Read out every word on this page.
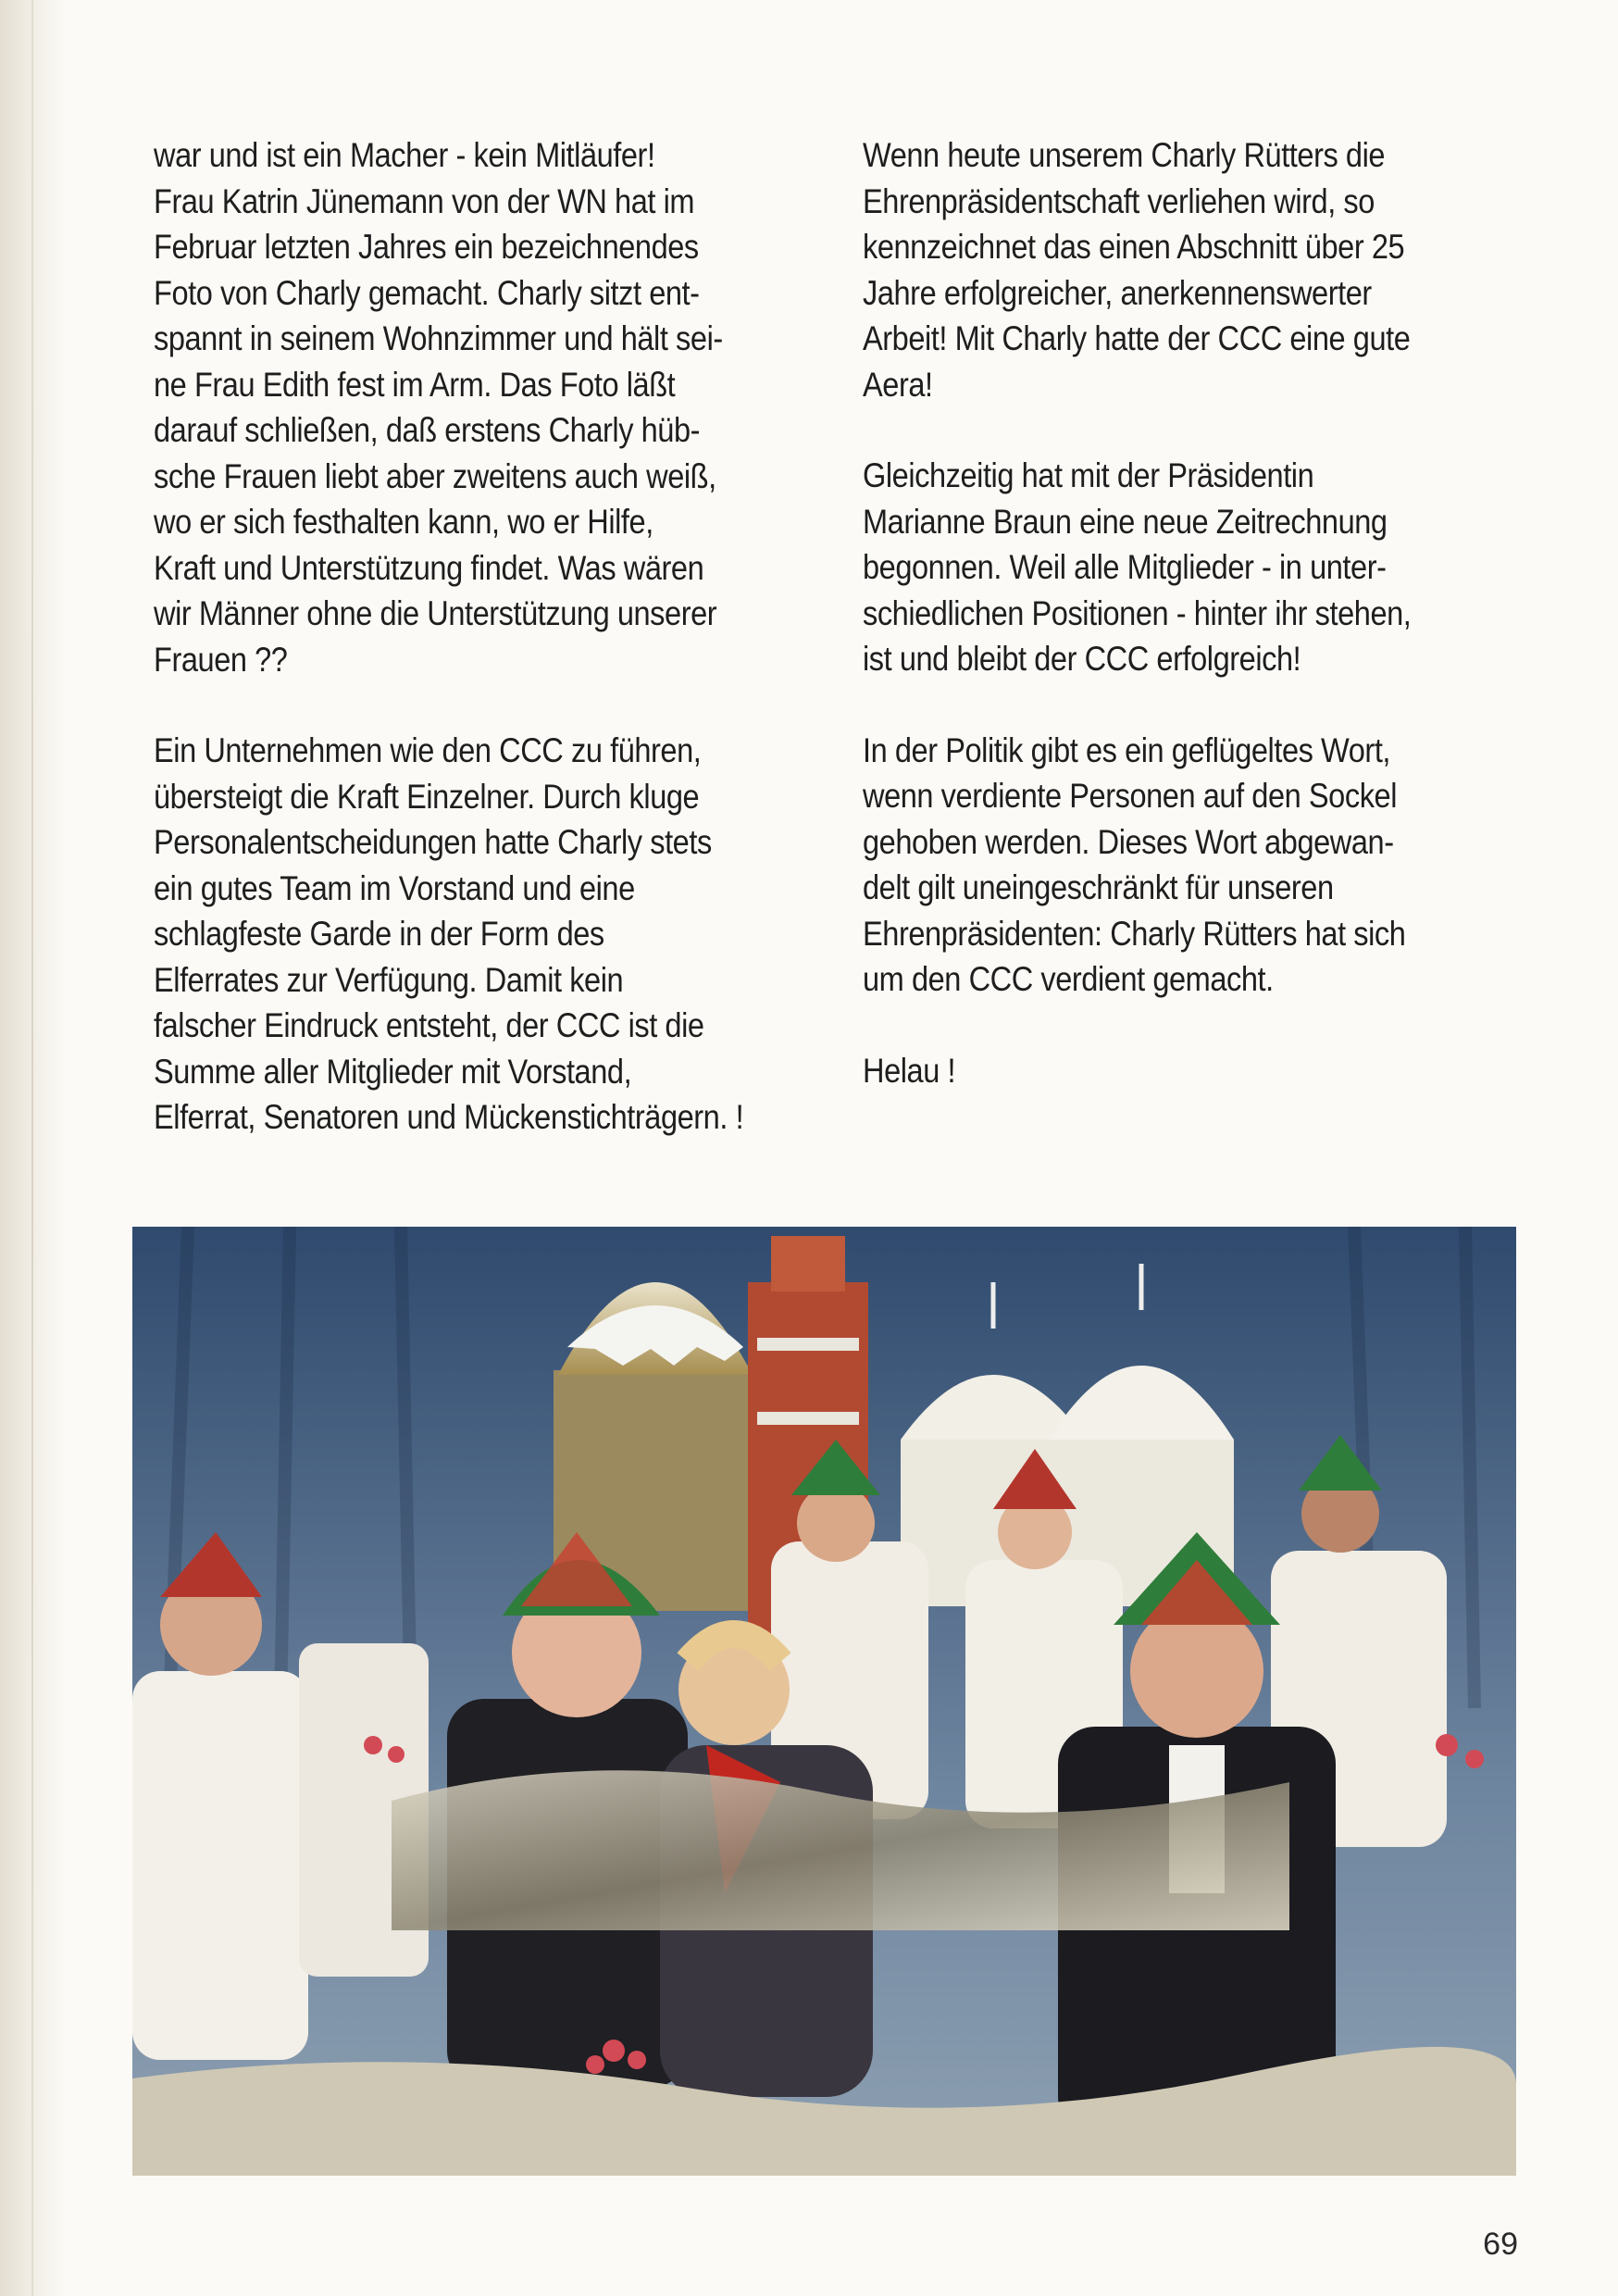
war und ist ein Macher - kein Mitläufer!
Frau Katrin Jünemann von der WN hat im
Februar letzten Jahres ein bezeichnendes
Foto von Charly gemacht. Charly sitzt ent-
spannt in seinem Wohnzimmer und hält sei-
ne Frau Edith fest im Arm. Das Foto läßt
darauf schließen, daß erstens Charly hüb-
sche Frauen liebt aber zweitens auch weiß,
wo er sich festhalten kann, wo er Hilfe,
Kraft und Unterstützung findet. Was wären
wir Männer ohne die Unterstützung unserer
Frauen ??
Ein Unternehmen wie den CCC zu führen,
übersteigt die Kraft Einzelner. Durch kluge
Personalentscheidungen hatte Charly stets
ein gutes Team im Vorstand und eine
schlagfeste Garde in der Form des
Elferrates zur Verfügung. Damit kein
falscher Eindruck entsteht, der CCC ist die
Summe aller Mitglieder mit Vorstand,
Elferrat, Senatoren und Mückenstichträgern. !
Wenn heute unserem Charly Rütters die
Ehrenpräsidentschaft verliehen wird, so
kennzeichnet das einen Abschnitt über 25
Jahre erfolgreicher, anerkennenswerter
Arbeit! Mit Charly hatte der CCC eine gute
Aera!
Gleichzeitig hat mit der Präsidentin
Marianne Braun eine neue Zeitrechnung
begonnen. Weil alle Mitglieder - in unter-
schiedlichen Positionen - hinter ihr stehen,
ist und bleibt der CCC erfolgreich!
In der Politik gibt es ein geflügeltes Wort,
wenn verdiente Personen auf den Sockel
gehoben werden. Dieses Wort abgewan-
delt gilt uneingeschränkt für unseren
Ehrenpräsidenten: Charly Rütters hat sich
um den CCC verdient gemacht.
Helau !
69
